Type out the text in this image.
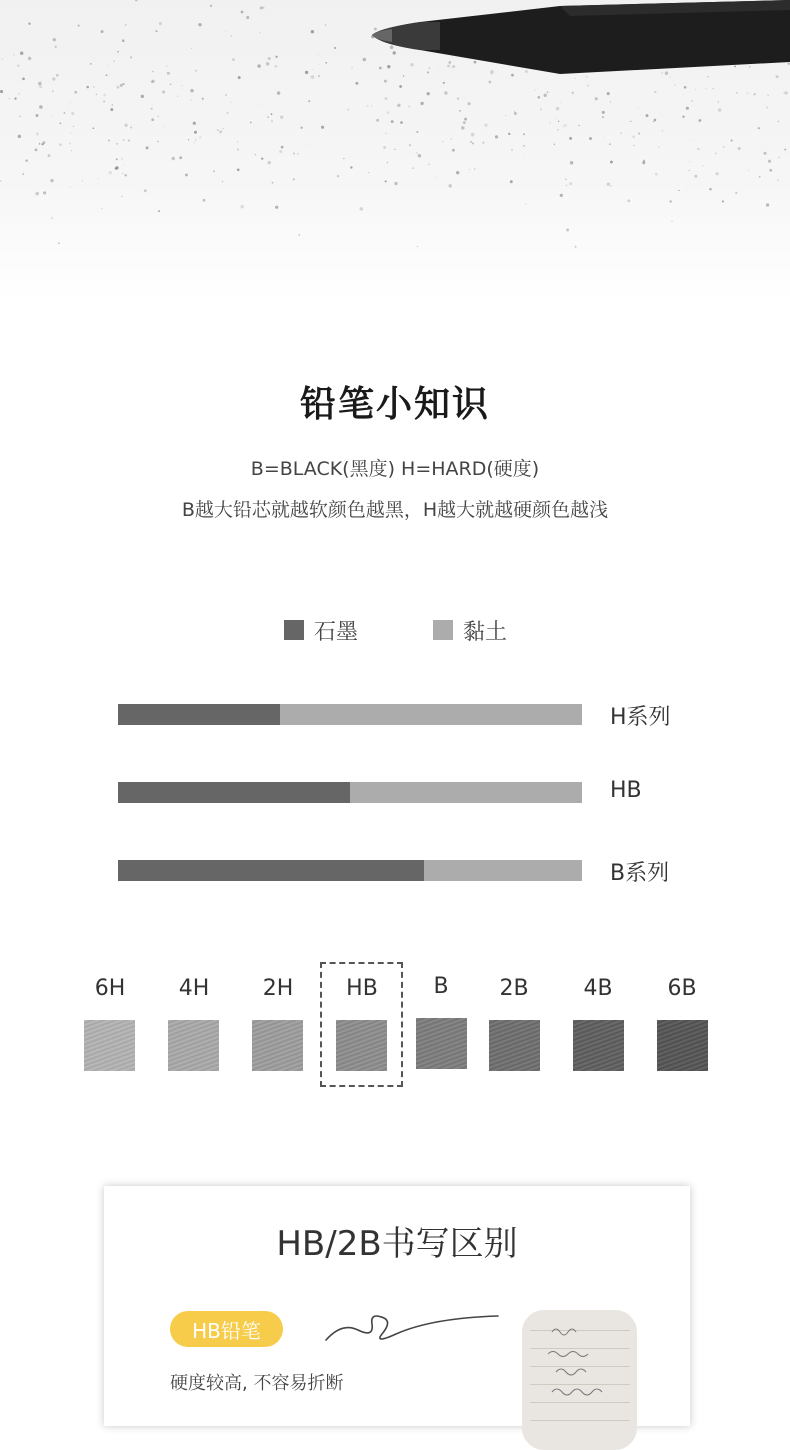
铅笔小知识
B=BLACK(黑度) H=HARD(硬度)
B越大铅芯就越软颜色越黑，H越大就越硬颜色越浅
石墨	黏土
H系列
HB
B系列
6H	4H	2H	HB	B	2B	4B	6B
HB/2B书写区别
HB铅笔
硬度较高, 不容易折断
